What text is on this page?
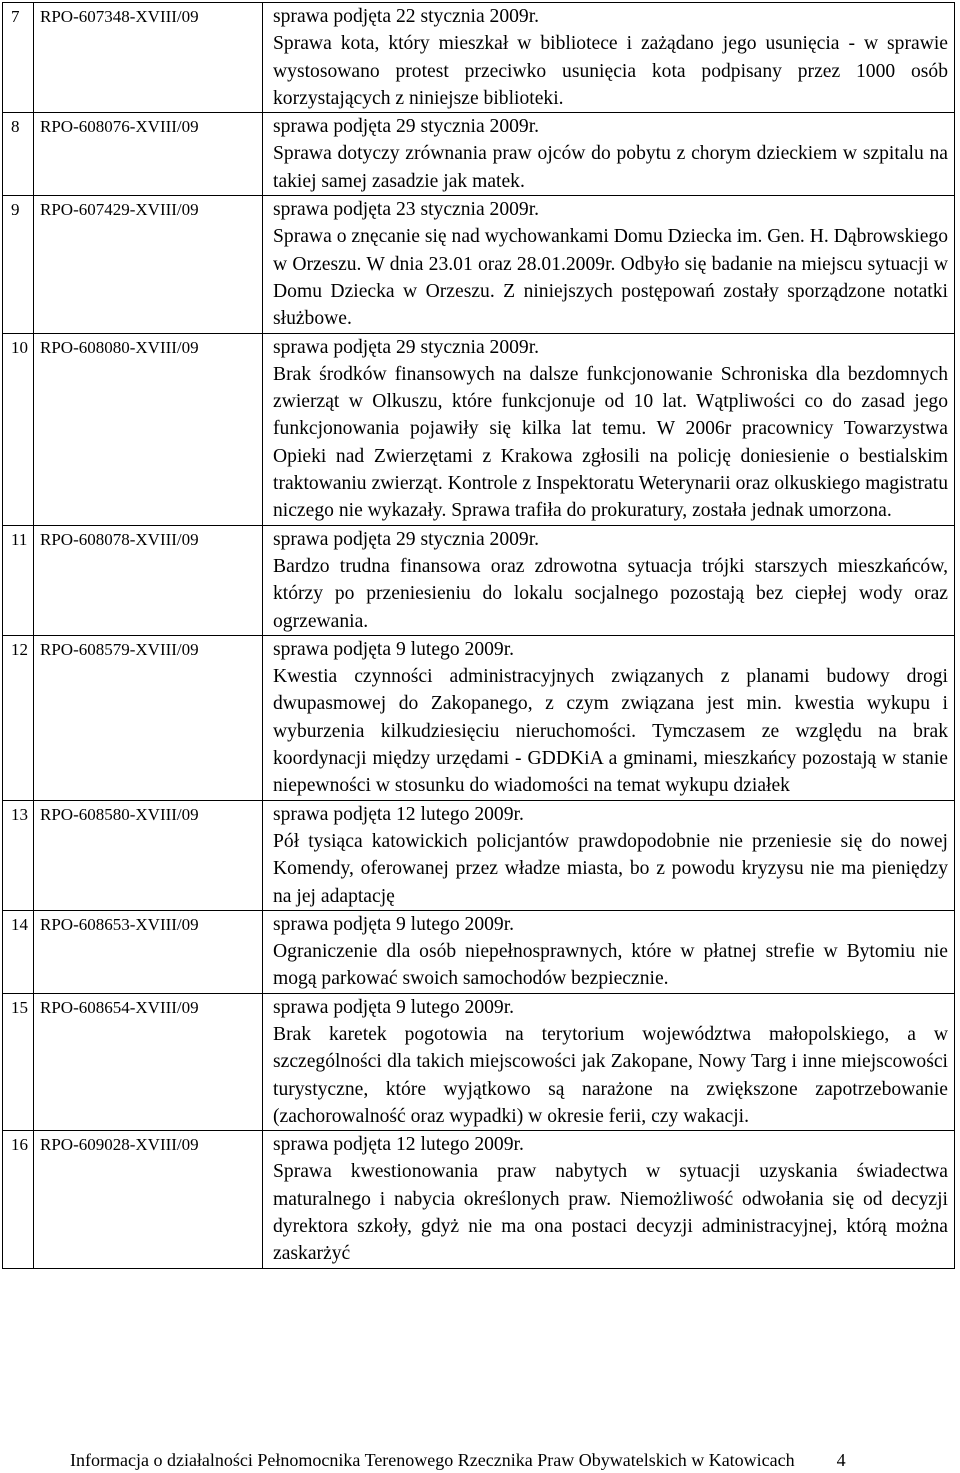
7	RPO-607348-XVIII/09	sprawa podjęta 22 stycznia 2009r.
Sprawa kota, który mieszkał w bibliotece i zażądano jego usunięcia - w sprawie wystosowano protest przeciwko usunięcia kota podpisany przez 1000 osób korzystających z niniejsze biblioteki.

8	RPO-608076-XVIII/09	sprawa podjęta 29 stycznia 2009r.
Sprawa dotyczy zrównania praw ojców do pobytu z chorym dzieckiem w szpitalu na takiej samej zasadzie jak matek.

9	RPO-607429-XVIII/09	sprawa podjęta 23 stycznia 2009r.
Sprawa o znęcanie się nad wychowankami Domu Dziecka im. Gen. H. Dąbrowskiego w Orzeszu. W dnia 23.01 oraz 28.01.2009r. Odbyło się badanie na miejscu sytuacji w Domu Dziecka w Orzeszu. Z niniejszych postępowań zostały sporządzone notatki służbowe.

10	RPO-608080-XVIII/09	sprawa podjęta 29 stycznia 2009r.
Brak środków finansowych na dalsze funkcjonowanie Schroniska dla bezdomnych zwierząt w Olkuszu, które funkcjonuje od 10 lat. Wątpliwości co do zasad jego funkcjonowania pojawiły się kilka lat temu. W 2006r pracownicy Towarzystwa Opieki nad Zwierzętami z Krakowa zgłosili na policję doniesienie o bestialskim traktowaniu zwierząt. Kontrole z Inspektoratu Weterynarii oraz olkuskiego magistratu niczego nie wykazały. Sprawa trafiła do prokuratury, została jednak umorzona.

11	RPO-608078-XVIII/09	sprawa podjęta 29 stycznia 2009r.
Bardzo trudna finansowa oraz zdrowotna sytuacja trójki starszych mieszkańców, którzy po przeniesieniu do lokalu socjalnego pozostają bez ciepłej wody oraz ogrzewania.

12	RPO-608579-XVIII/09	sprawa podjęta 9 lutego 2009r.
Kwestia czynności administracyjnych związanych z planami budowy drogi dwupasmowej do Zakopanego, z czym związana jest min. kwestia wykupu i wyburzenia kilkudziesięciu nieruchomości. Tymczasem ze względu na brak koordynacji między urzędami - GDDKiA a gminami, mieszkańcy pozostają w stanie niepewności w stosunku do wiadomości na temat wykupu działek

13	RPO-608580-XVIII/09	sprawa podjęta 12 lutego 2009r.
Pół tysiąca katowickich policjantów prawdopodobnie nie przeniesie się do nowej Komendy, oferowanej przez władze miasta, bo z powodu kryzysu nie ma pieniędzy na jej adaptację

14	RPO-608653-XVIII/09	sprawa podjęta 9 lutego 2009r.
Ograniczenie dla osób niepełnosprawnych, które w płatnej strefie w Bytomiu nie mogą parkować swoich samochodów bezpiecznie.

15	RPO-608654-XVIII/09	sprawa podjęta 9 lutego 2009r.
Brak karetek pogotowia na terytorium województwa małopolskiego, a w szczególności dla takich miejscowości jak Zakopane, Nowy Targ i inne miejscowości turystyczne, które wyjątkowo są narażone na zwiększone zapotrzebowanie (zachorowalność oraz wypadki) w okresie ferii, czy wakacji.

16	RPO-609028-XVIII/09	sprawa podjęta 12 lutego 2009r.
Sprawa kwestionowania praw nabytych w sytuacji uzyskania świadectwa maturalnego i nabycia określonych praw. Niemożliwość odwołania się od decyzji dyrektora szkoły, gdyż nie ma ona postaci decyzji administracyjnej, którą można zaskarżyć
Informacja o działalności Pełnomocnika Terenowego Rzecznika Praw Obywatelskich w Katowicach 4
